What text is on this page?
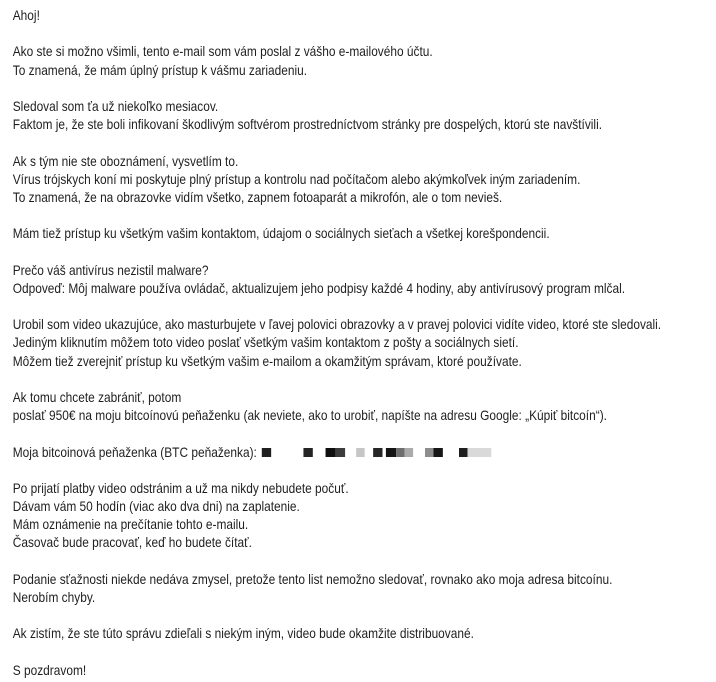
Ahoj!
Ako ste si možno všimli, tento e-mail som vám poslal z vášho e-mailového účtu.
To znamená, že mám úplný prístup k vášmu zariadeniu.
Sledoval som ťa už niekoľko mesiacov.
Faktom je, že ste boli infikovaní škodlivým softvérom prostredníctvom stránky pre dospelých, ktorú ste navštívili.
Ak s tým nie ste oboznámení, vysvetlím to.
Vírus trójskych koní mi poskytuje plný prístup a kontrolu nad počítačom alebo akýmkoľvek iným zariadením.
To znamená, že na obrazovke vidím všetko, zapnem fotoaparát a mikrofón, ale o tom nevieš.
Mám tiež prístup ku všetkým vašim kontaktom, údajom o sociálnych sieťach a všetkej korešpondencii.
Prečo váš antivírus nezistil malware?
Odpoveď: Môj malware používa ovládač, aktualizujem jeho podpisy každé 4 hodiny, aby antivírusový program mlčal.
Urobil som video ukazujúce, ako masturbujete v ľavej polovici obrazovky a v pravej polovici vidíte video, ktoré ste sledovali.
Jediným kliknutím môžem toto video poslať všetkým vašim kontaktom z pošty a sociálnych sietí.
Môžem tiež zverejniť prístup ku všetkým vašim e-mailom a okamžitým správam, ktoré používate.
Ak tomu chcete zabrániť, potom
poslať 950€ na moju bitcoínovú peňaženku (ak neviete, ako to urobiť, napíšte na adresu Google: „Kúpiť bitcoín“).
Moja bitcoinová peňaženka (BTC peňaženka):
Po prijatí platby video odstránim a už ma nikdy nebudete počuť.
Dávam vám 50 hodín (viac ako dva dni) na zaplatenie.
Mám oznámenie na prečítanie tohto e-mailu.
Časovač bude pracovať, keď ho budete čítať.
Podanie sťažnosti niekde nedáva zmysel, pretože tento list nemožno sledovať, rovnako ako moja adresa bitcoínu.
Nerobím chyby.
Ak zistím, že ste túto správu zdieľali s niekým iným, video bude okamžite distribuované.
S pozdravom!
